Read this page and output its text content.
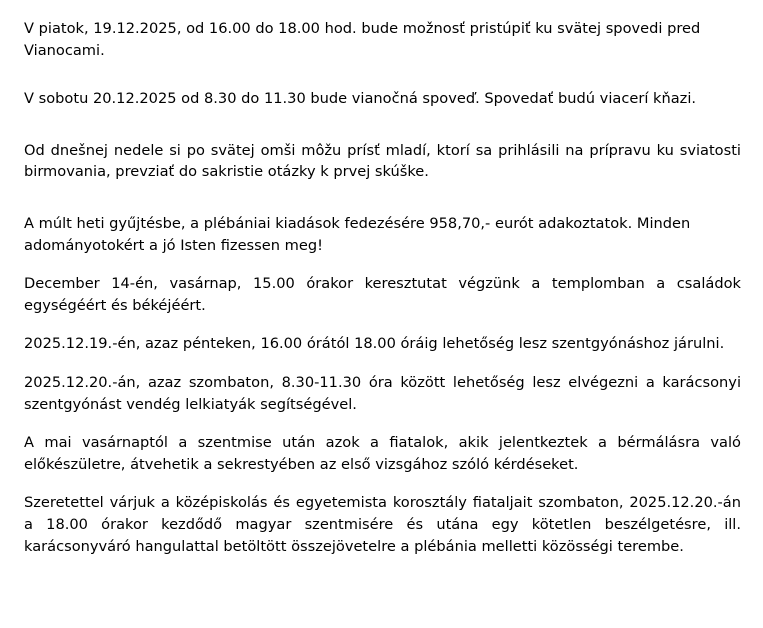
V piatok, 19.12.2025, od 16.00 do 18.00 hod. bude možnosť pristúpiť ku svätej spovedi pred Vianocami.

V sobotu 20.12.2025 od 8.30 do 11.30 bude vianočná spoveď. Spovedať budú viacerí kňazi.

Od dnešnej nedele si po svätej omši môžu prísť mladí, ktorí sa prihlásili na prípravu ku sviatosti birmovania, prevziať do sakristie otázky k prvej skúške.

A múlt heti gyűjtésbe, a plébániai kiadások fedezésére 958,70,- eurót adakoztatok. Minden adományotokért a jó Isten fizessen meg!

December 14-én, vasárnap, 15.00 órakor keresztutat végzünk a templomban a családok egységéért és békéjéért.

2025.12.19.-én, azaz pénteken, 16.00 órától 18.00 óráig lehetőség lesz szentgyónáshoz járulni.

2025.12.20.-án, azaz szombaton, 8.30-11.30 óra között lehetőség lesz elvégezni a karácsonyi szentgyónást vendég lelkiatyák segítségével.

A mai vasárnaptól a szentmise után azok a fiatalok, akik jelentkeztek a bérmálásra való előkészületre, átvehetik a sekrestyében az első vizsgához szóló kérdéseket.

Szeretettel várjuk a középiskolás és egyetemista korosztály fiataljait szombaton, 2025.12.20.-án a 18.00 órakor kezdődő magyar szentmisére és utána egy kötetlen beszélgetésre, ill. karácsonyváró hangulattal betöltött összejövetelre a plébánia melletti közösségi terembe.
